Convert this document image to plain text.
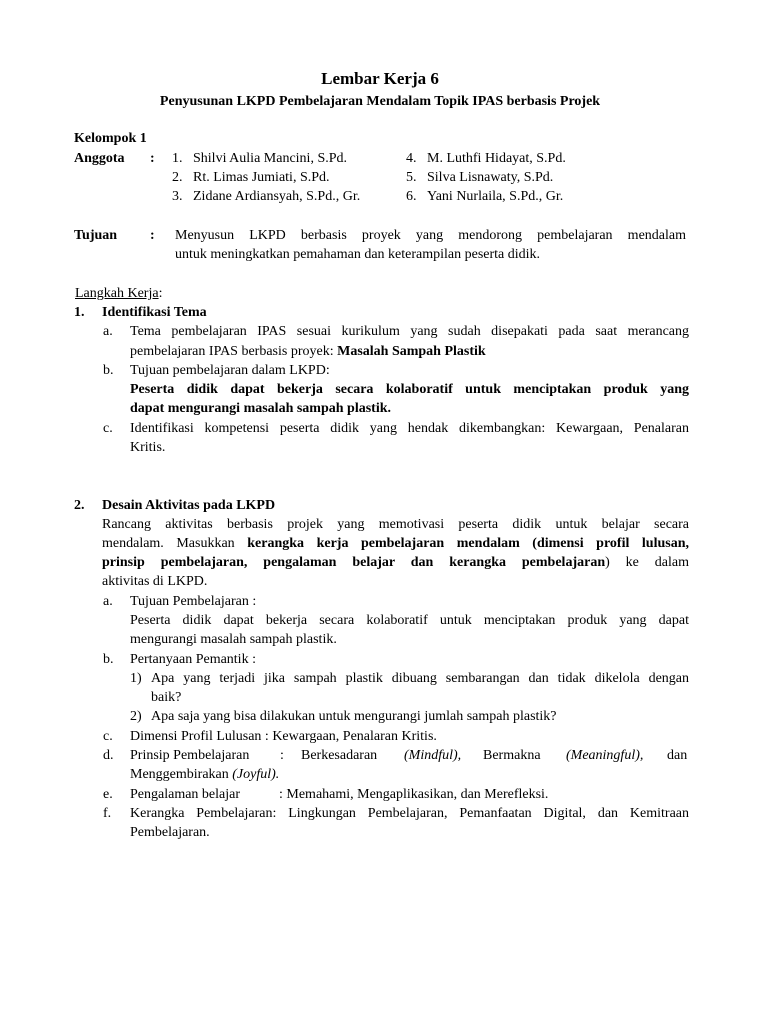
Lembar Kerja 6
Penyusunan LKPD Pembelajaran Mendalam Topik IPAS berbasis Projek
Kelompok 1
Anggota : 1. Shilvi Aulia Mancini, S.Pd.
2. Rt. Limas Jumiati, S.Pd.
3. Zidane Ardiansyah, S.Pd., Gr.
4. M. Luthfi Hidayat, S.Pd.
5. Silva Lisnawaty, S.Pd.
6. Yani Nurlaila, S.Pd., Gr.
Tujuan : Menyusun LKPD berbasis proyek yang mendorong pembelajaran mendalam
untuk meningkatkan pemahaman dan keterampilan peserta didik.
Langkah Kerja:
1. Identifikasi Tema
a. Tema pembelajaran IPAS sesuai kurikulum yang sudah disepakati pada saat merancang
pembelajaran IPAS berbasis proyek: Masalah Sampah Plastik
b. Tujuan pembelajaran dalam LKPD:
Peserta didik dapat bekerja secara kolaboratif untuk menciptakan produk yang
dapat mengurangi masalah sampah plastik.
c. Identifikasi kompetensi peserta didik yang hendak dikembangkan: Kewargaan, Penalaran
Kritis.
2. Desain Aktivitas pada LKPD
Rancang aktivitas berbasis projek yang memotivasi peserta didik untuk belajar secara
mendalam. Masukkan kerangka kerja pembelajaran mendalam (dimensi profil lulusan,
prinsip pembelajaran, pengalaman belajar dan kerangka pembelajaran) ke dalam
aktivitas di LKPD.
a. Tujuan Pembelajaran :
Peserta didik dapat bekerja secara kolaboratif untuk menciptakan produk yang dapat
mengurangi masalah sampah plastik.
b. Pertanyaan Pemantik :
1) Apa yang terjadi jika sampah plastik dibuang sembarangan dan tidak dikelola dengan
baik?
2) Apa saja yang bisa dilakukan untuk mengurangi jumlah sampah plastik?
c. Dimensi Profil Lulusan : Kewargaan, Penalaran Kritis.
d. Prinsip Pembelajaran : Berkesadaran (Mindful), Bermakna (Meaningful), dan
Menggembirakan (Joyful).
e. Pengalaman belajar	: Memahami, Mengaplikasikan, dan Merefleksi.
f. Kerangka Pembelajaran: Lingkungan Pembelajaran, Pemanfaatan Digital, dan Kemitraan
Pembelajaran.
